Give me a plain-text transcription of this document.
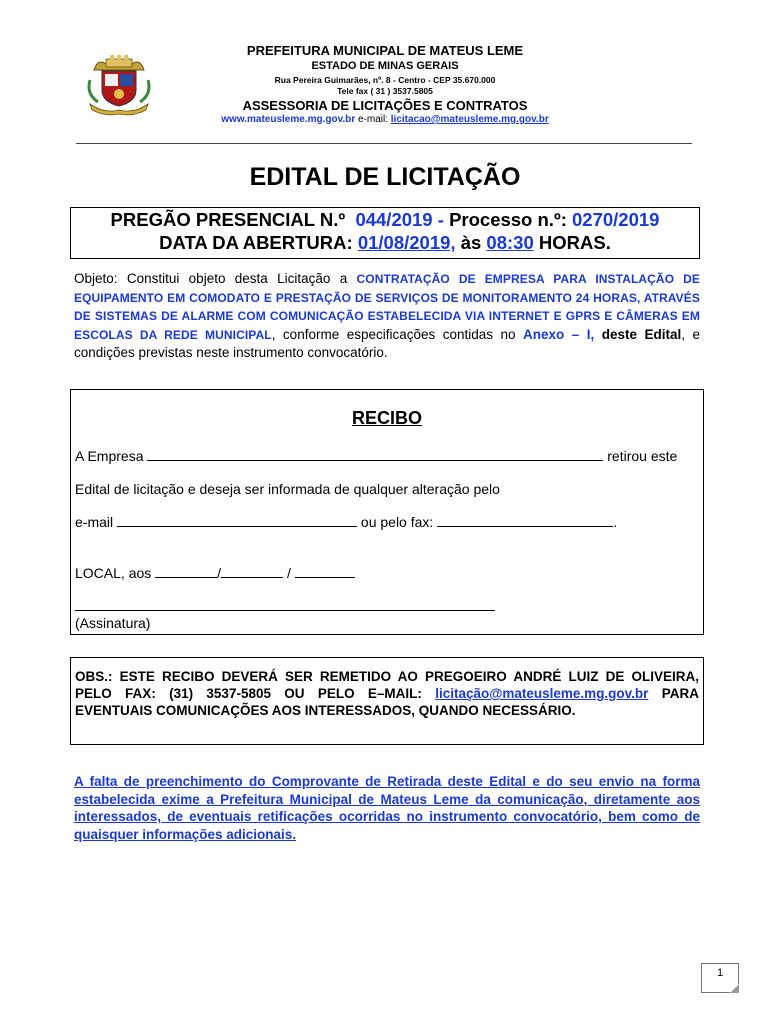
PREFEITURA MUNICIPAL DE MATEUS LEME
ESTADO DE MINAS GERAIS
Rua Pereira Guimarães, nº. 8 - Centro - CEP 35.670.000
Tele fax ( 31 ) 3537.5805
ASSESSORIA DE LICITAÇÕES E CONTRATOS
www.mateusleme.mg.gov.br e-mail: licitacao@mateusleme.mg.gov.br
EDITAL DE LICITAÇÃO
PREGÃO PRESENCIAL N.º 044/2019 - Processo n.º: 0270/2019
DATA DA ABERTURA: 01/08/2019, às 08:30 HORAS.
Objeto: Constitui objeto desta Licitação a CONTRATAÇÃO DE EMPRESA PARA INSTALAÇÃO DE EQUIPAMENTO EM COMODATO E PRESTAÇÃO DE SERVIÇOS DE MONITORAMENTO 24 HORAS, ATRAVÉS DE SISTEMAS DE ALARME COM COMUNICAÇÃO ESTABELECIDA VIA INTERNET E GPRS E CÂMERAS EM ESCOLAS DA REDE MUNICIPAL, conforme especificações contidas no Anexo – I, deste Edital, e condições previstas neste instrumento convocatório.
RECIBO
A Empresa	retirou este
Edital de licitação e deseja ser informada de qualquer alteração pelo
e-mail	ou pelo fax:	.
LOCAL, aos	/	/
(Assinatura)
OBS.: ESTE RECIBO DEVERÁ SER REMETIDO AO PREGOEIRO ANDRÉ LUIZ DE OLIVEIRA, PELO FAX: (31) 3537-5805 OU PELO E–MAIL: licitação@mateusleme.mg.gov.br PARA EVENTUAIS COMUNICAÇÕES AOS INTERESSADOS, QUANDO NECESSÁRIO.
A falta de preenchimento do Comprovante de Retirada deste Edital e do seu envio na forma estabelecida exime a Prefeitura Municipal de Mateus Leme da comunicação, diretamente aos interessados, de eventuais retificações ocorridas no instrumento convocatório, bem como de quaisquer informações adicionais.
1
